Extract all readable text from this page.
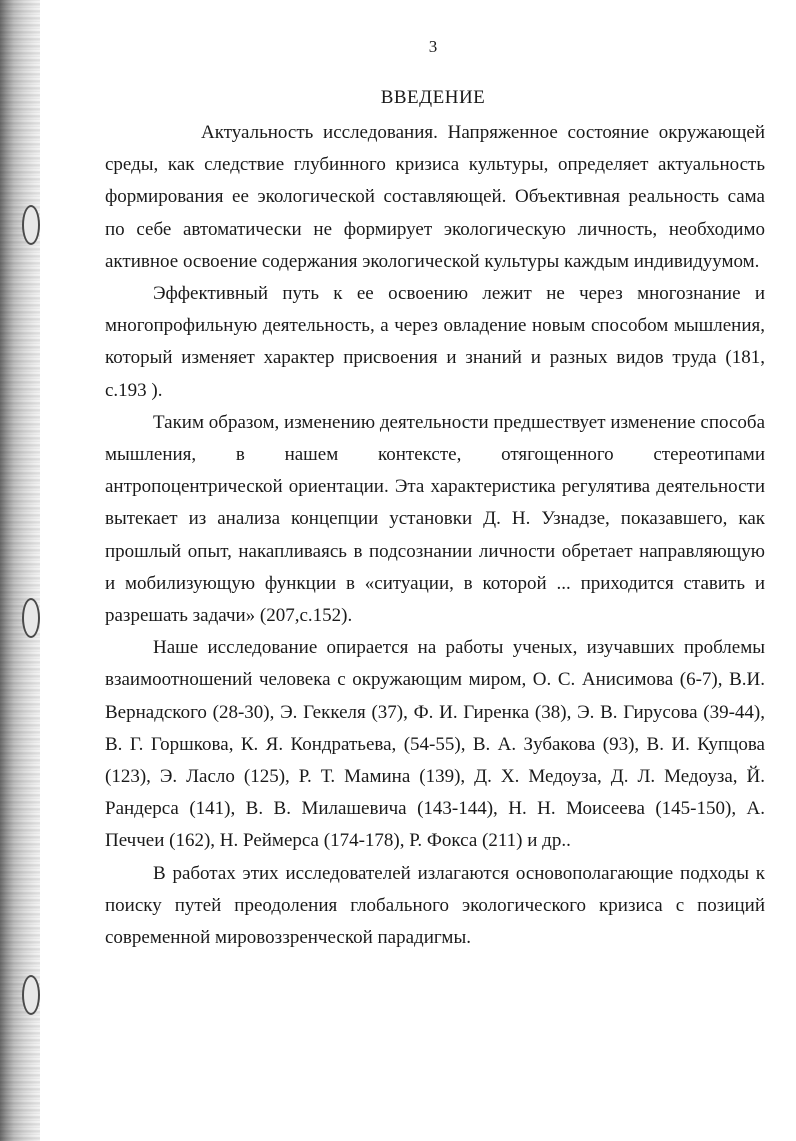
3
ВВЕДЕНИЕ

Актуальность исследования. Напряженное состояние окружающей среды, как следствие глубинного кризиса культуры, определяет актуальность формирования ее экологической составляющей. Объективная реальность сама по себе автоматически не формирует экологическую личность, необходимо активное освоение содержания экологической культуры каждым индивидуумом.

Эффективный путь к ее освоению лежит не через многознание и многопрофильную деятельность, а через овладение новым способом мышления, который изменяет характер присвоения и знаний и разных видов труда (181, с.193 ).

Таким образом, изменению деятельности предшествует изменение способа мышления, в нашем контексте, отягощенного стереотипами антропоцентрической ориентации. Эта характеристика регулятива деятельности вытекает из анализа концепции установки Д. Н. Узнадзе, показавшего, как прошлый опыт, накапливаясь в подсознании личности обретает направляющую и мобилизующую функции в «ситуации, в которой ... приходится ставить и разрешать задачи» (207,с.152).

Наше исследование опирается на работы ученых, изучавших проблемы взаимоотношений человека с окружающим миром, О. С. Анисимова (6-7), В.И. Вернадского (28-30), Э. Геккеля (37), Ф. И. Гиренка (38), Э. В. Гирусова (39-44), В. Г. Горшкова, К. Я. Кондратьева, (54-55), В. А. Зубакова (93), В. И. Купцова (123), Э. Ласло (125), Р. Т. Мамина (139), Д. Х. Медоуза, Д. Л. Медоуза, Й. Рандерса (141), В. В. Милашевича (143-144), Н. Н. Моисеева (145-150), А. Печчеи (162), Н. Реймерса (174-178), Р. Фокса (211) и др..

В работах этих исследователей излагаются основополагающие подходы к поиску путей преодоления глобального экологического кризиса с позиций современной мировоззренческой парадигмы.
